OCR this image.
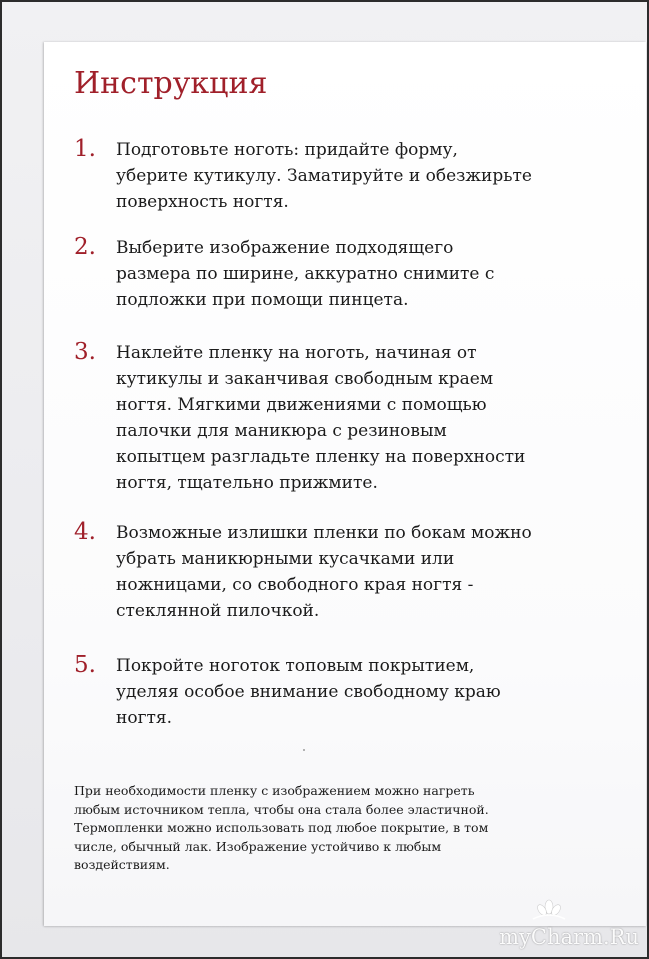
Инструкция
1. Подготовьте ноготь: придайте форму,
уберите кутикулу. Заматируйте и обезжирьте
поверхность ногтя.
2. Выберите изображение подходящего
размера по ширине, аккуратно снимите с
подложки при помощи пинцета.
3. Наклейте пленку на ноготь, начиная от
кутикулы и заканчивая свободным краем
ногтя. Мягкими движениями с помощью
палочки для маникюра с резиновым
копытцем разгладьте пленку на поверхности
ногтя, тщательно прижмите.
4. Возможные излишки пленки по бокам можно
убрать маникюрными кусачками или
ножницами, со свободного края ногтя -
стеклянной пилочкой.
5. Покройте ноготок топовым покрытием,
уделяя особое внимание свободному краю
ногтя.
При необходимости пленку с изображением можно нагреть
любым источником тепла, чтобы она стала более эластичной.
Термопленки можно использовать под любое покрытие, в том
числе, обычный лак. Изображение устойчиво к любым
воздействиям.
myCharm.Ru
